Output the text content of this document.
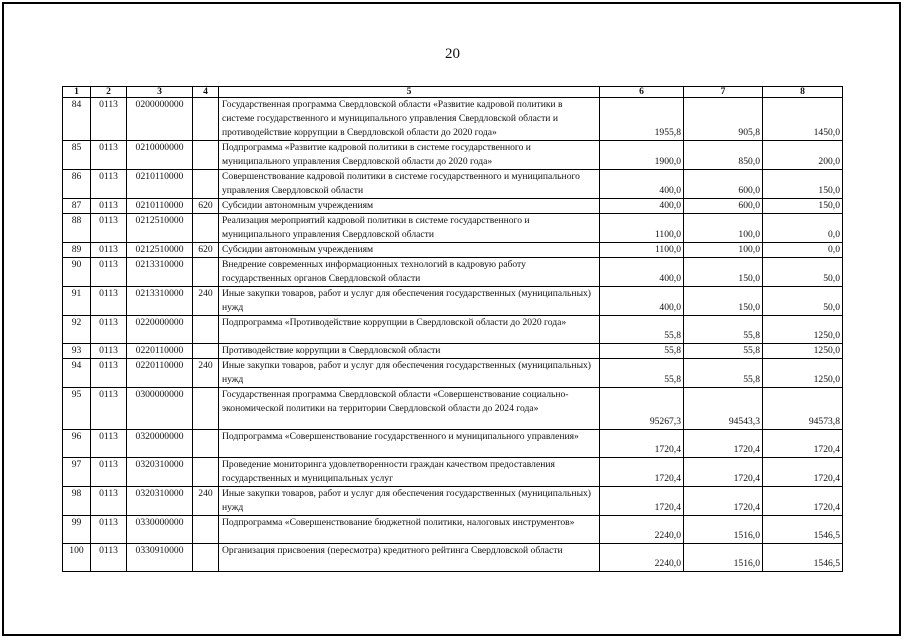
20
1	2	3	4	5	6	7	8
84	0113	0200000000		Государственная программа Свердловской области «Развитие кадровой политики в системе государственного и муниципального управления Свердловской области и противодействие коррупции в Свердловской области до 2020 года»	1955,8	905,8	1450,0
85	0113	0210000000		Подпрограмма «Развитие кадровой политики в системе государственного и муниципального управления Свердловской области до 2020 года»	1900,0	850,0	200,0
86	0113	0210110000		Совершенствование кадровой политики в системе государственного и муниципального управления Свердловской области	400,0	600,0	150,0
87	0113	0210110000	620	Субсидии автономным учреждениям	400,0	600,0	150,0
88	0113	0212510000		Реализация мероприятий кадровой политики в системе государственного и муниципального управления Свердловской области	1100,0	100,0	0,0
89	0113	0212510000	620	Субсидии автономным учреждениям	1100,0	100,0	0,0
90	0113	0213310000		Внедрение современных информационных технологий в кадровую работу государственных органов Свердловской области	400,0	150,0	50,0
91	0113	0213310000	240	Иные закупки товаров, работ и услуг для обеспечения государственных (муниципальных) нужд	400,0	150,0	50,0
92	0113	0220000000		Подпрограмма «Противодействие коррупции в Свердловской области до 2020 года»	55,8	55,8	1250,0
93	0113	0220110000		Противодействие коррупции в Свердловской области	55,8	55,8	1250,0
94	0113	0220110000	240	Иные закупки товаров, работ и услуг для обеспечения государственных (муниципальных) нужд	55,8	55,8	1250,0
95	0113	0300000000		Государственная программа Свердловской области «Совершенствование социально-экономической политики на территории Свердловской области до 2024 года»	95267,3	94543,3	94573,8
96	0113	0320000000		Подпрограмма «Совершенствование государственного и муниципального управления»	1720,4	1720,4	1720,4
97	0113	0320310000		Проведение мониторинга удовлетворенности граждан качеством предоставления государственных и муниципальных услуг	1720,4	1720,4	1720,4
98	0113	0320310000	240	Иные закупки товаров, работ и услуг для обеспечения государственных (муниципальных) нужд	1720,4	1720,4	1720,4
99	0113	0330000000		Подпрограмма «Совершенствование бюджетной политики, налоговых инструментов»	2240,0	1516,0	1546,5
100	0113	0330910000		Организация присвоения (пересмотра) кредитного рейтинга Свердловской области	2240,0	1516,0	1546,5
